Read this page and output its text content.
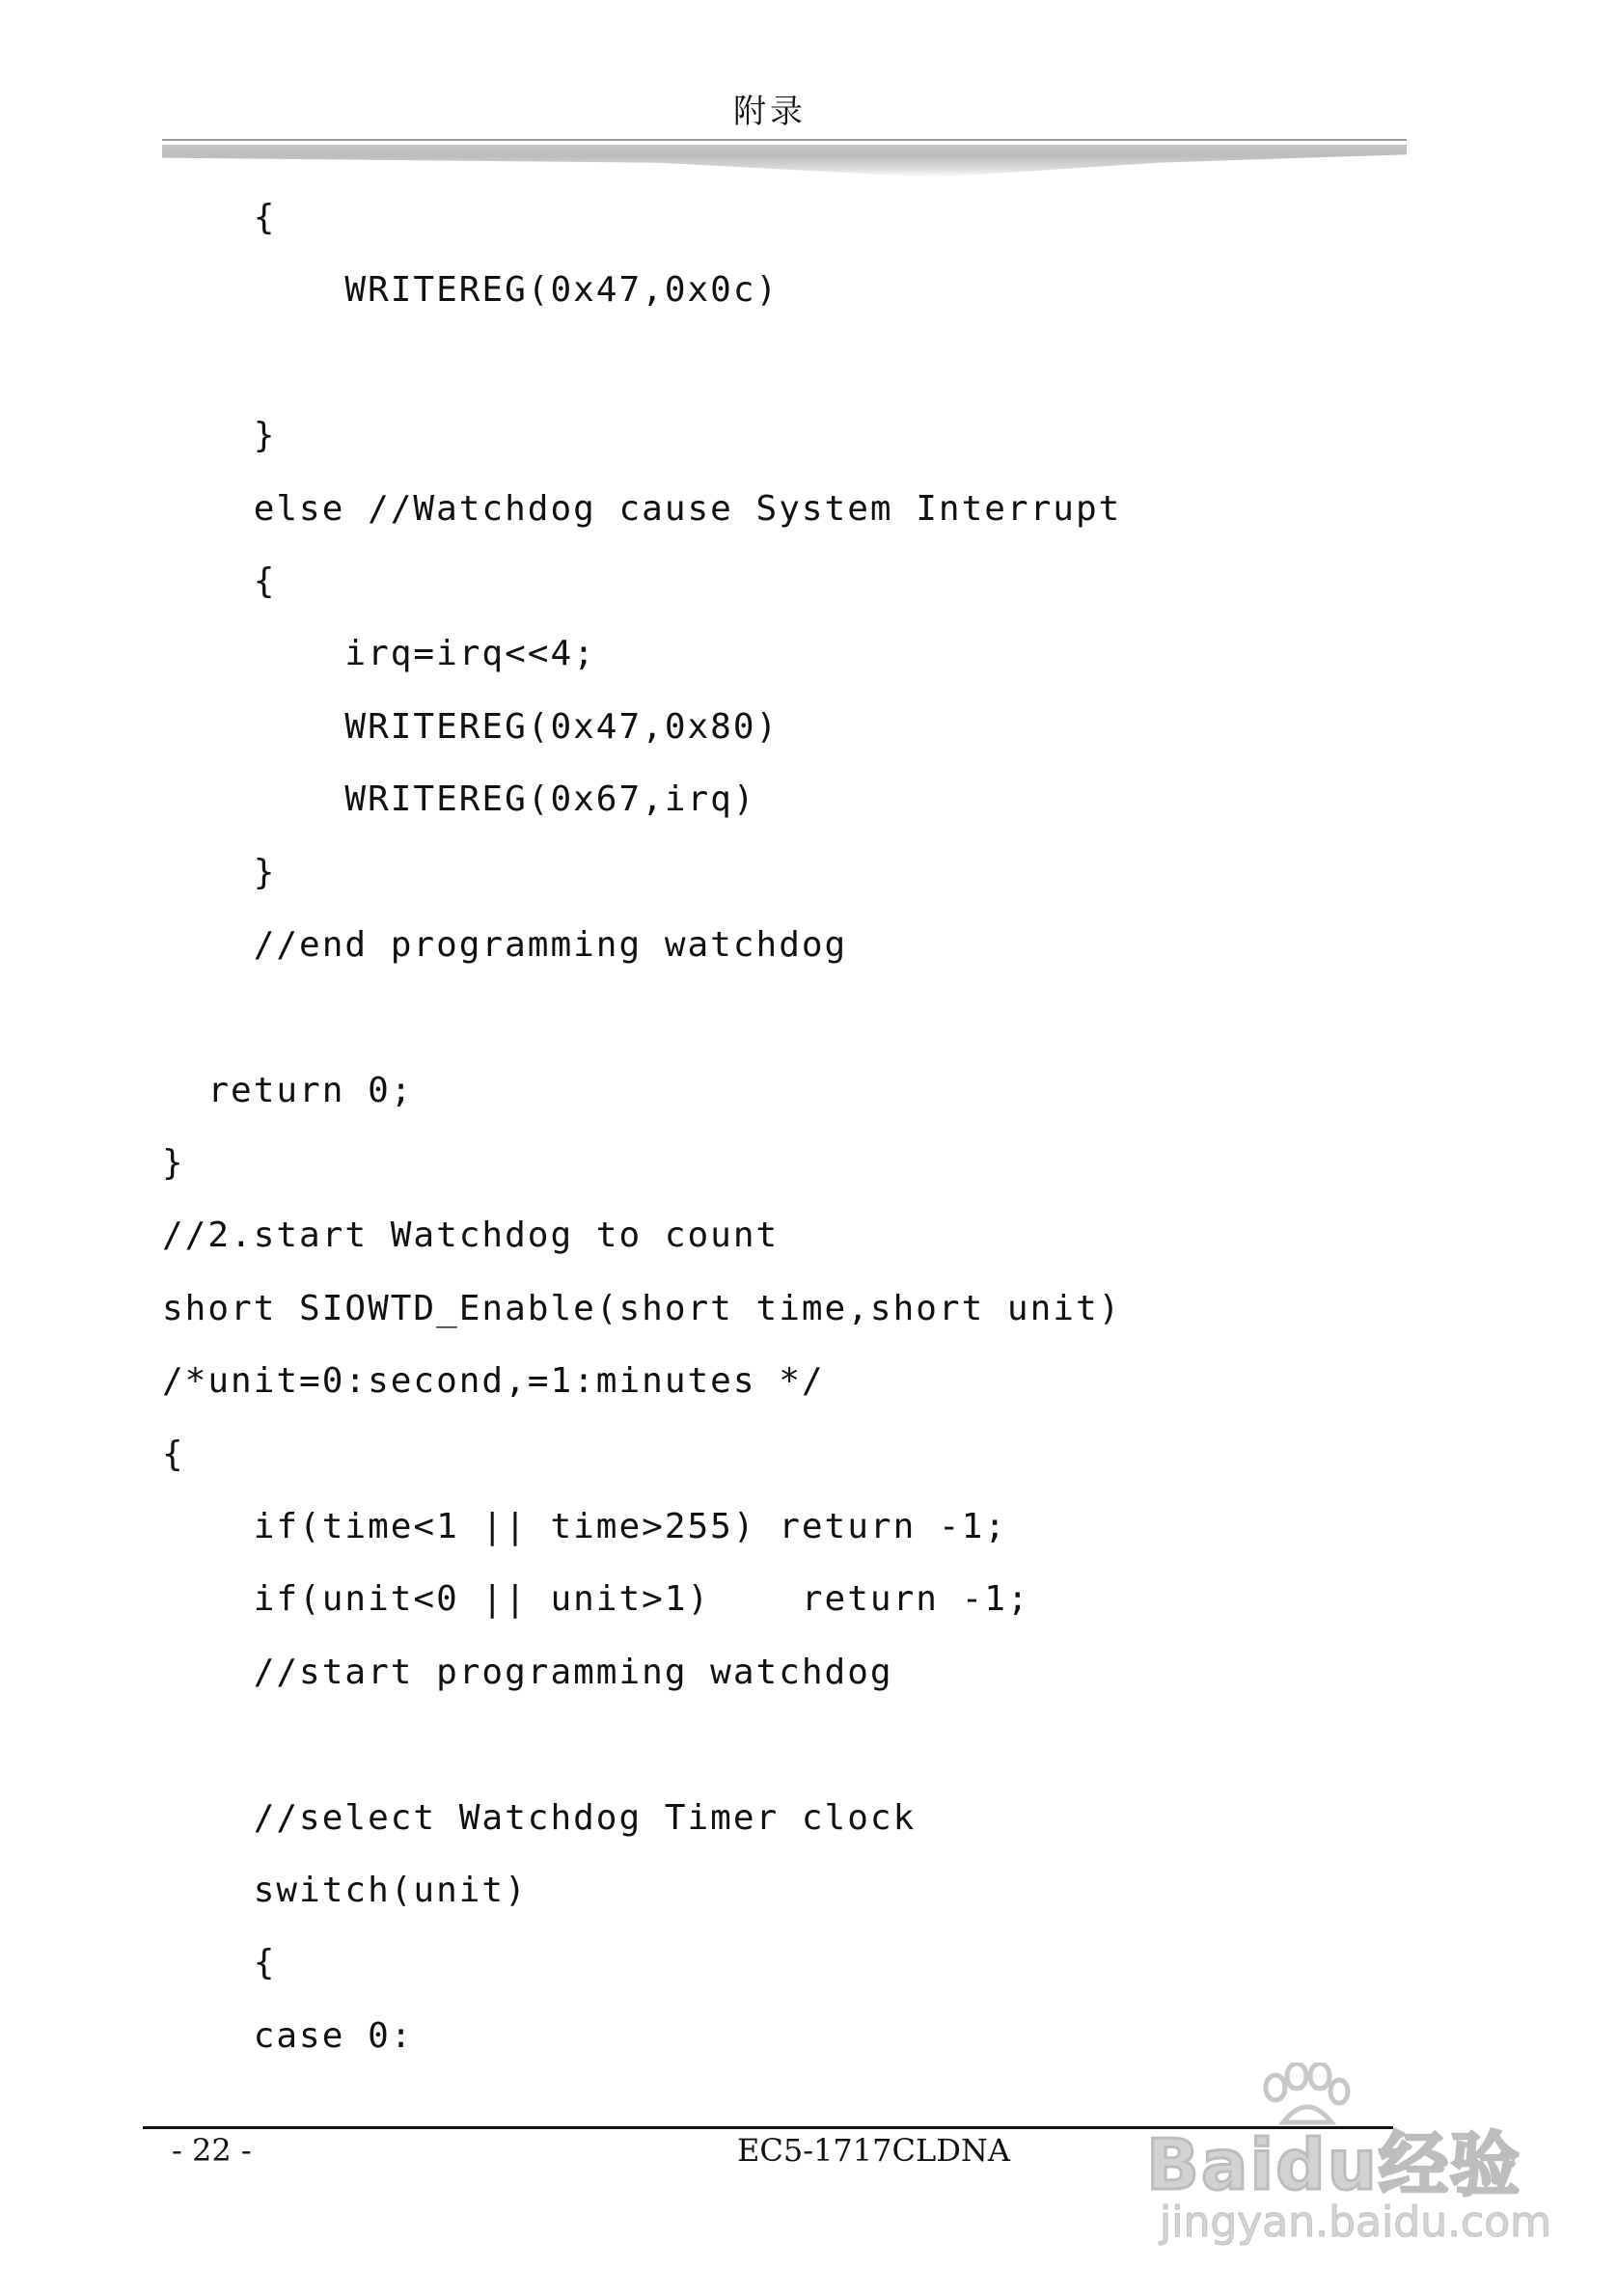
附录
{
WRITEREG(0x47,0x0c)
}
else //Watchdog cause System Interrupt
{
irq=irq<<4;
WRITEREG(0x47,0x80)
WRITEREG(0x67,irq)
}
//end programming watchdog
return 0;
}
//2.start Watchdog to count
short SIOWTD_Enable(short time,short unit)
/*unit=0:second,=1:minutes */
{
if(time<1 || time>255) return -1;
if(unit<0 || unit>1)    return -1;
//start programming watchdog
//select Watchdog Timer clock
switch(unit)
{
case 0:
- 22 -	EC5-1717CLDNA Baidu经验
jingyan.baidu.com
